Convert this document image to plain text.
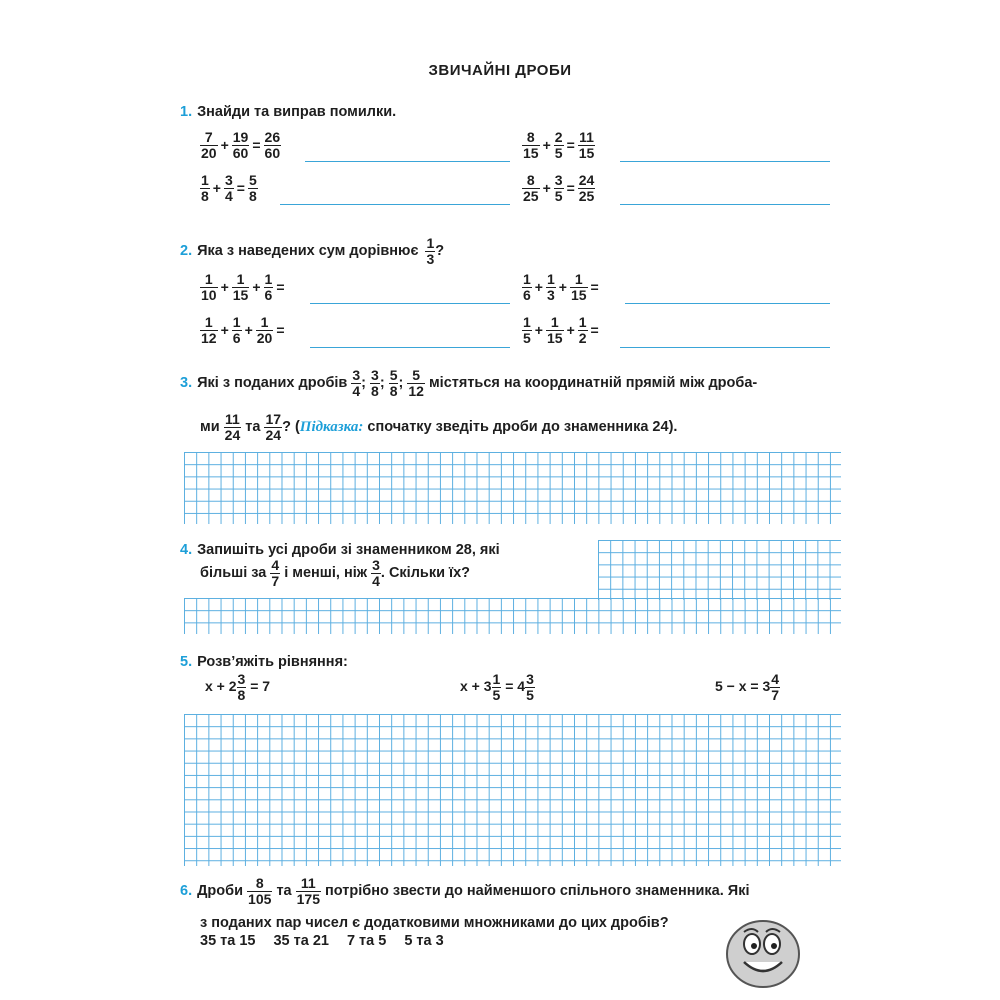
ЗВИЧАЙНІ ДРОБИ
1. Знайди та виправ помилки.
$\frac{7}{20} + \frac{19}{60} = \frac{26}{60}$	$\frac{8}{15} + \frac{2}{5} = \frac{11}{15}$
$\frac{1}{8} + \frac{3}{4} = \frac{5}{8}$	$\frac{8}{25} + \frac{3}{5} = \frac{24}{25}$
2. Яка з наведених сум дорівнює $\frac{1}{3}$ ?
$\frac{1}{10} + \frac{1}{15} + \frac{1}{6}$ =	$\frac{1}{6} + \frac{1}{3} + \frac{1}{15}$ =
$\frac{1}{12} + \frac{1}{6} + \frac{1}{20}$ =	$\frac{1}{5} + \frac{1}{15} + \frac{1}{2}$ =
3. Які з поданих дробів $\frac{3}{4}$ ; $\frac{3}{8}$ ; $\frac{5}{8}$ ; $\frac{5}{12}$ містяться на координатній прямій між дроба-
ми $\frac{11}{24}$ та $\frac{17}{24}$ ? (Підказка: спочатку зведіть дроби до знаменника 24).
4. Запишіть усі дроби зі знаменником 28, які
більші за $\frac{4}{7}$ і менші, ніж $\frac{3}{4}$ . Скільки їх?
5. Розв’яжіть рівняння:
$x + 2 \frac{3}{8} = 7$	$x + 3 \frac{1}{5} = 4 \frac{3}{5}$	$5 - x = 3 \frac{4}{7}$
6. Дроби $\frac{8}{105}$ та $\frac{11}{175}$ потрібно звести до найменшого спільного знаменника. Які
з поданих пар чисел є додатковими множниками до цих дробів?
35 та 15 35 та 21 7 та 5 5 та 3
14
